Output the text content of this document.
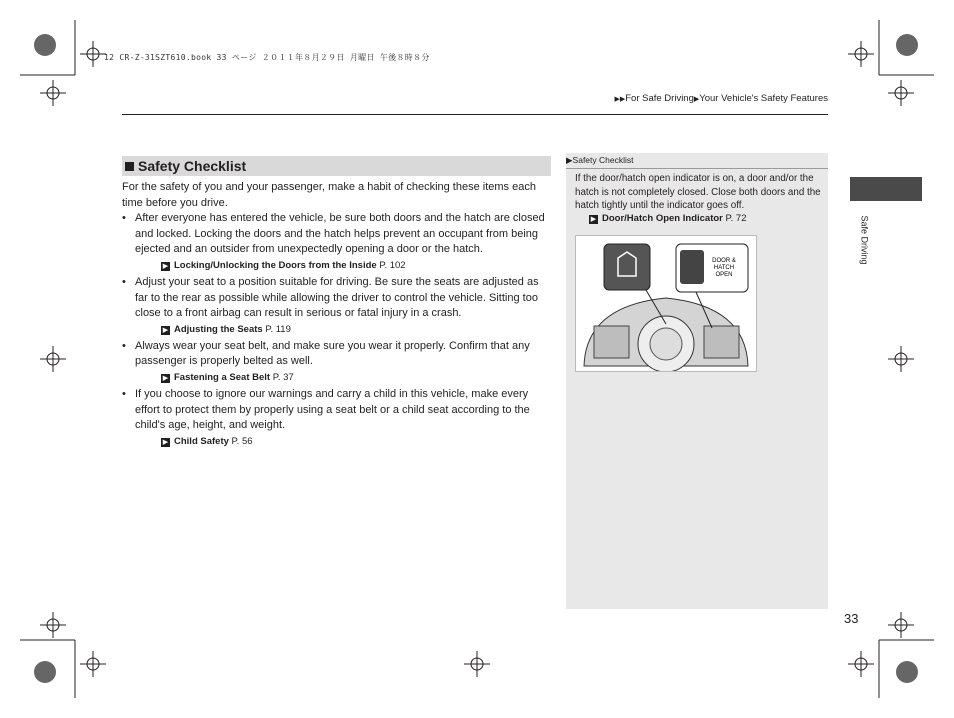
12 CR-Z-31SZT610.book 33 ページ ２０１１年８月２９日 月曜日 午後８時８分
▶▶For Safe Driving▶Your Vehicle's Safety Features
Safe Driving
Safety Checklist

For the safety of you and your passenger, make a habit of checking these items each time before you drive.

• After everyone has entered the vehicle, be sure both doors and the hatch are closed and locked. Locking the doors and the hatch helps prevent an occupant from being ejected and an outsider from unexpectedly opening a door or the hatch.
▶ Locking/Unlocking the Doors from the Inside P. 102
• Adjust your seat to a position suitable for driving. Be sure the seats are adjusted as far to the rear as possible while allowing the driver to control the vehicle. Sitting too close to a front airbag can result in serious or fatal injury in a crash.
▶ Adjusting the Seats P. 119
• Always wear your seat belt, and make sure you wear it properly. Confirm that any passenger is properly belted as well.
▶ Fastening a Seat Belt P. 37
• If you choose to ignore our warnings and carry a child in this vehicle, make every effort to protect them by properly using a seat belt or a child seat according to the child's age, height, and weight.
▶ Child Safety P. 56
▶Safety Checklist
If the door/hatch open indicator is on, a door and/or the hatch is not completely closed. Close both doors and the hatch tightly until the indicator goes off.
▶ Door/Hatch Open Indicator P. 72
DOOR &
HATCH
OPEN
33
